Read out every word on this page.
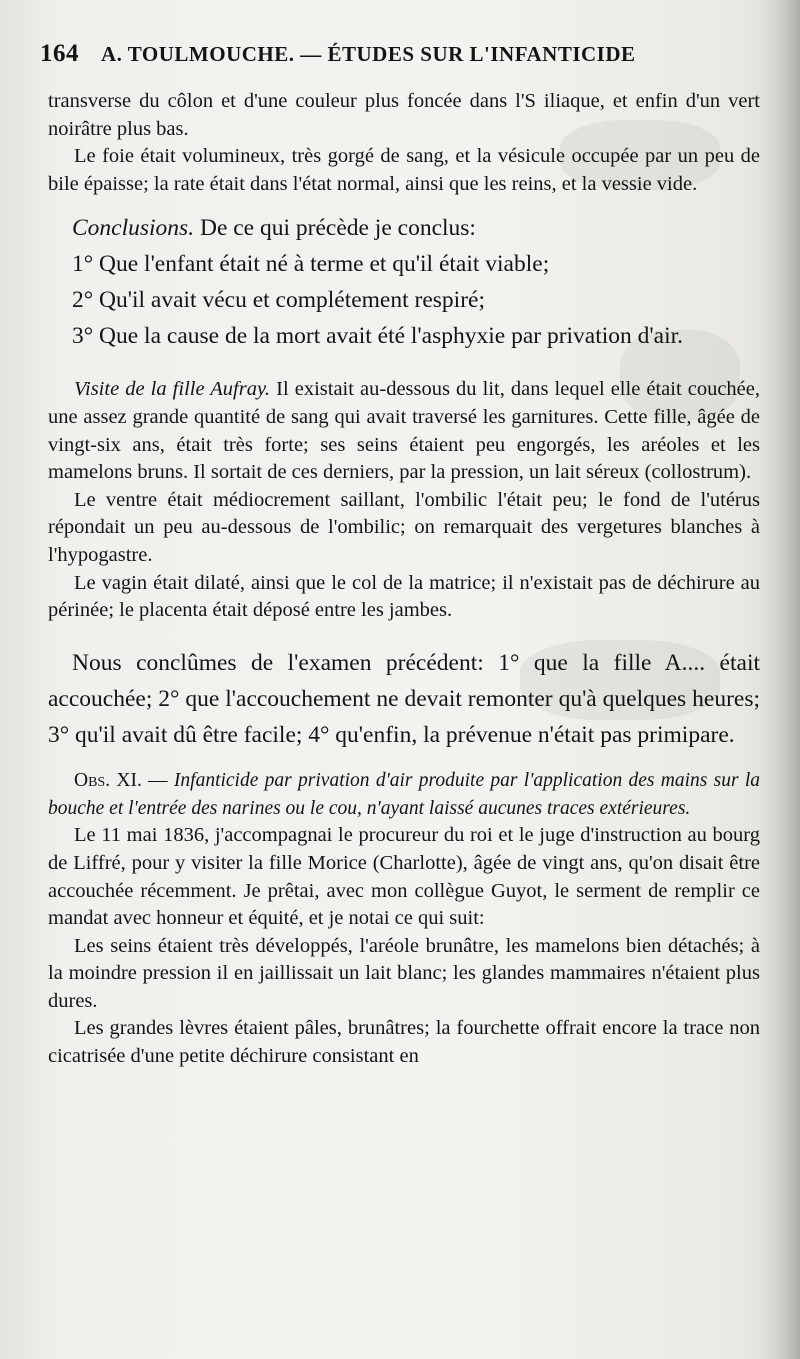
164 A. TOULMOUCHE. — ÉTUDES SUR L'INFANTICIDE

transverse du côlon et d'une couleur plus foncée dans l'S iliaque, et enfin d'un vert noirâtre plus bas.

Le foie était volumineux, très gorgé de sang, et la vésicule occupée par un peu de bile épaisse; la rate était dans l'état normal, ainsi que les reins, et la vessie vide.

Conclusions. De ce qui précède je conclus:

1° Que l'enfant était né à terme et qu'il était viable;

2° Qu'il avait vécu et complétement respiré;

3° Que la cause de la mort avait été l'asphyxie par privation d'air.

Visite de la fille Aufray. Il existait au-dessous du lit, dans lequel elle était couchée, une assez grande quantité de sang qui avait traversé les garnitures. Cette fille, âgée de vingt-six ans, était très forte; ses seins étaient peu engorgés, les aréoles et les mamelons bruns. Il sortait de ces derniers, par la pression, un lait séreux (collostrum).

Le ventre était médiocrement saillant, l'ombilic l'était peu; le fond de l'utérus répondait un peu au-dessous de l'ombilic; on remarquait des vergetures blanches à l'hypogastre.

Le vagin était dilaté, ainsi que le col de la matrice; il n'existait pas de déchirure au périnée; le placenta était déposé entre les jambes.

Nous conclûmes de l'examen précédent: 1° que la fille A.... était accouchée; 2° que l'accouchement ne devait remonter qu'à quelques heures; 3° qu'il avait dû être facile; 4° qu'enfin, la prévenue n'était pas primipare.

Obs. XI. — Infanticide par privation d'air produite par l'application des mains sur la bouche et l'entrée des narines ou le cou, n'ayant laissé aucunes traces extérieures.

Le 11 mai 1836, j'accompagnai le procureur du roi et le juge d'instruction au bourg de Liffré, pour y visiter la fille Morice (Charlotte), âgée de vingt ans, qu'on disait être accouchée récemment. Je prêtai, avec mon collègue Guyot, le serment de remplir ce mandat avec honneur et équité, et je notai ce qui suit:

Les seins étaient très développés, l'aréole brunâtre, les mamelons bien détachés; à la moindre pression il en jaillissait un lait blanc; les glandes mammaires n'étaient plus dures.

Les grandes lèvres étaient pâles, brunâtres; la fourchette offrait encore la trace non cicatrisée d'une petite déchirure consistant en
